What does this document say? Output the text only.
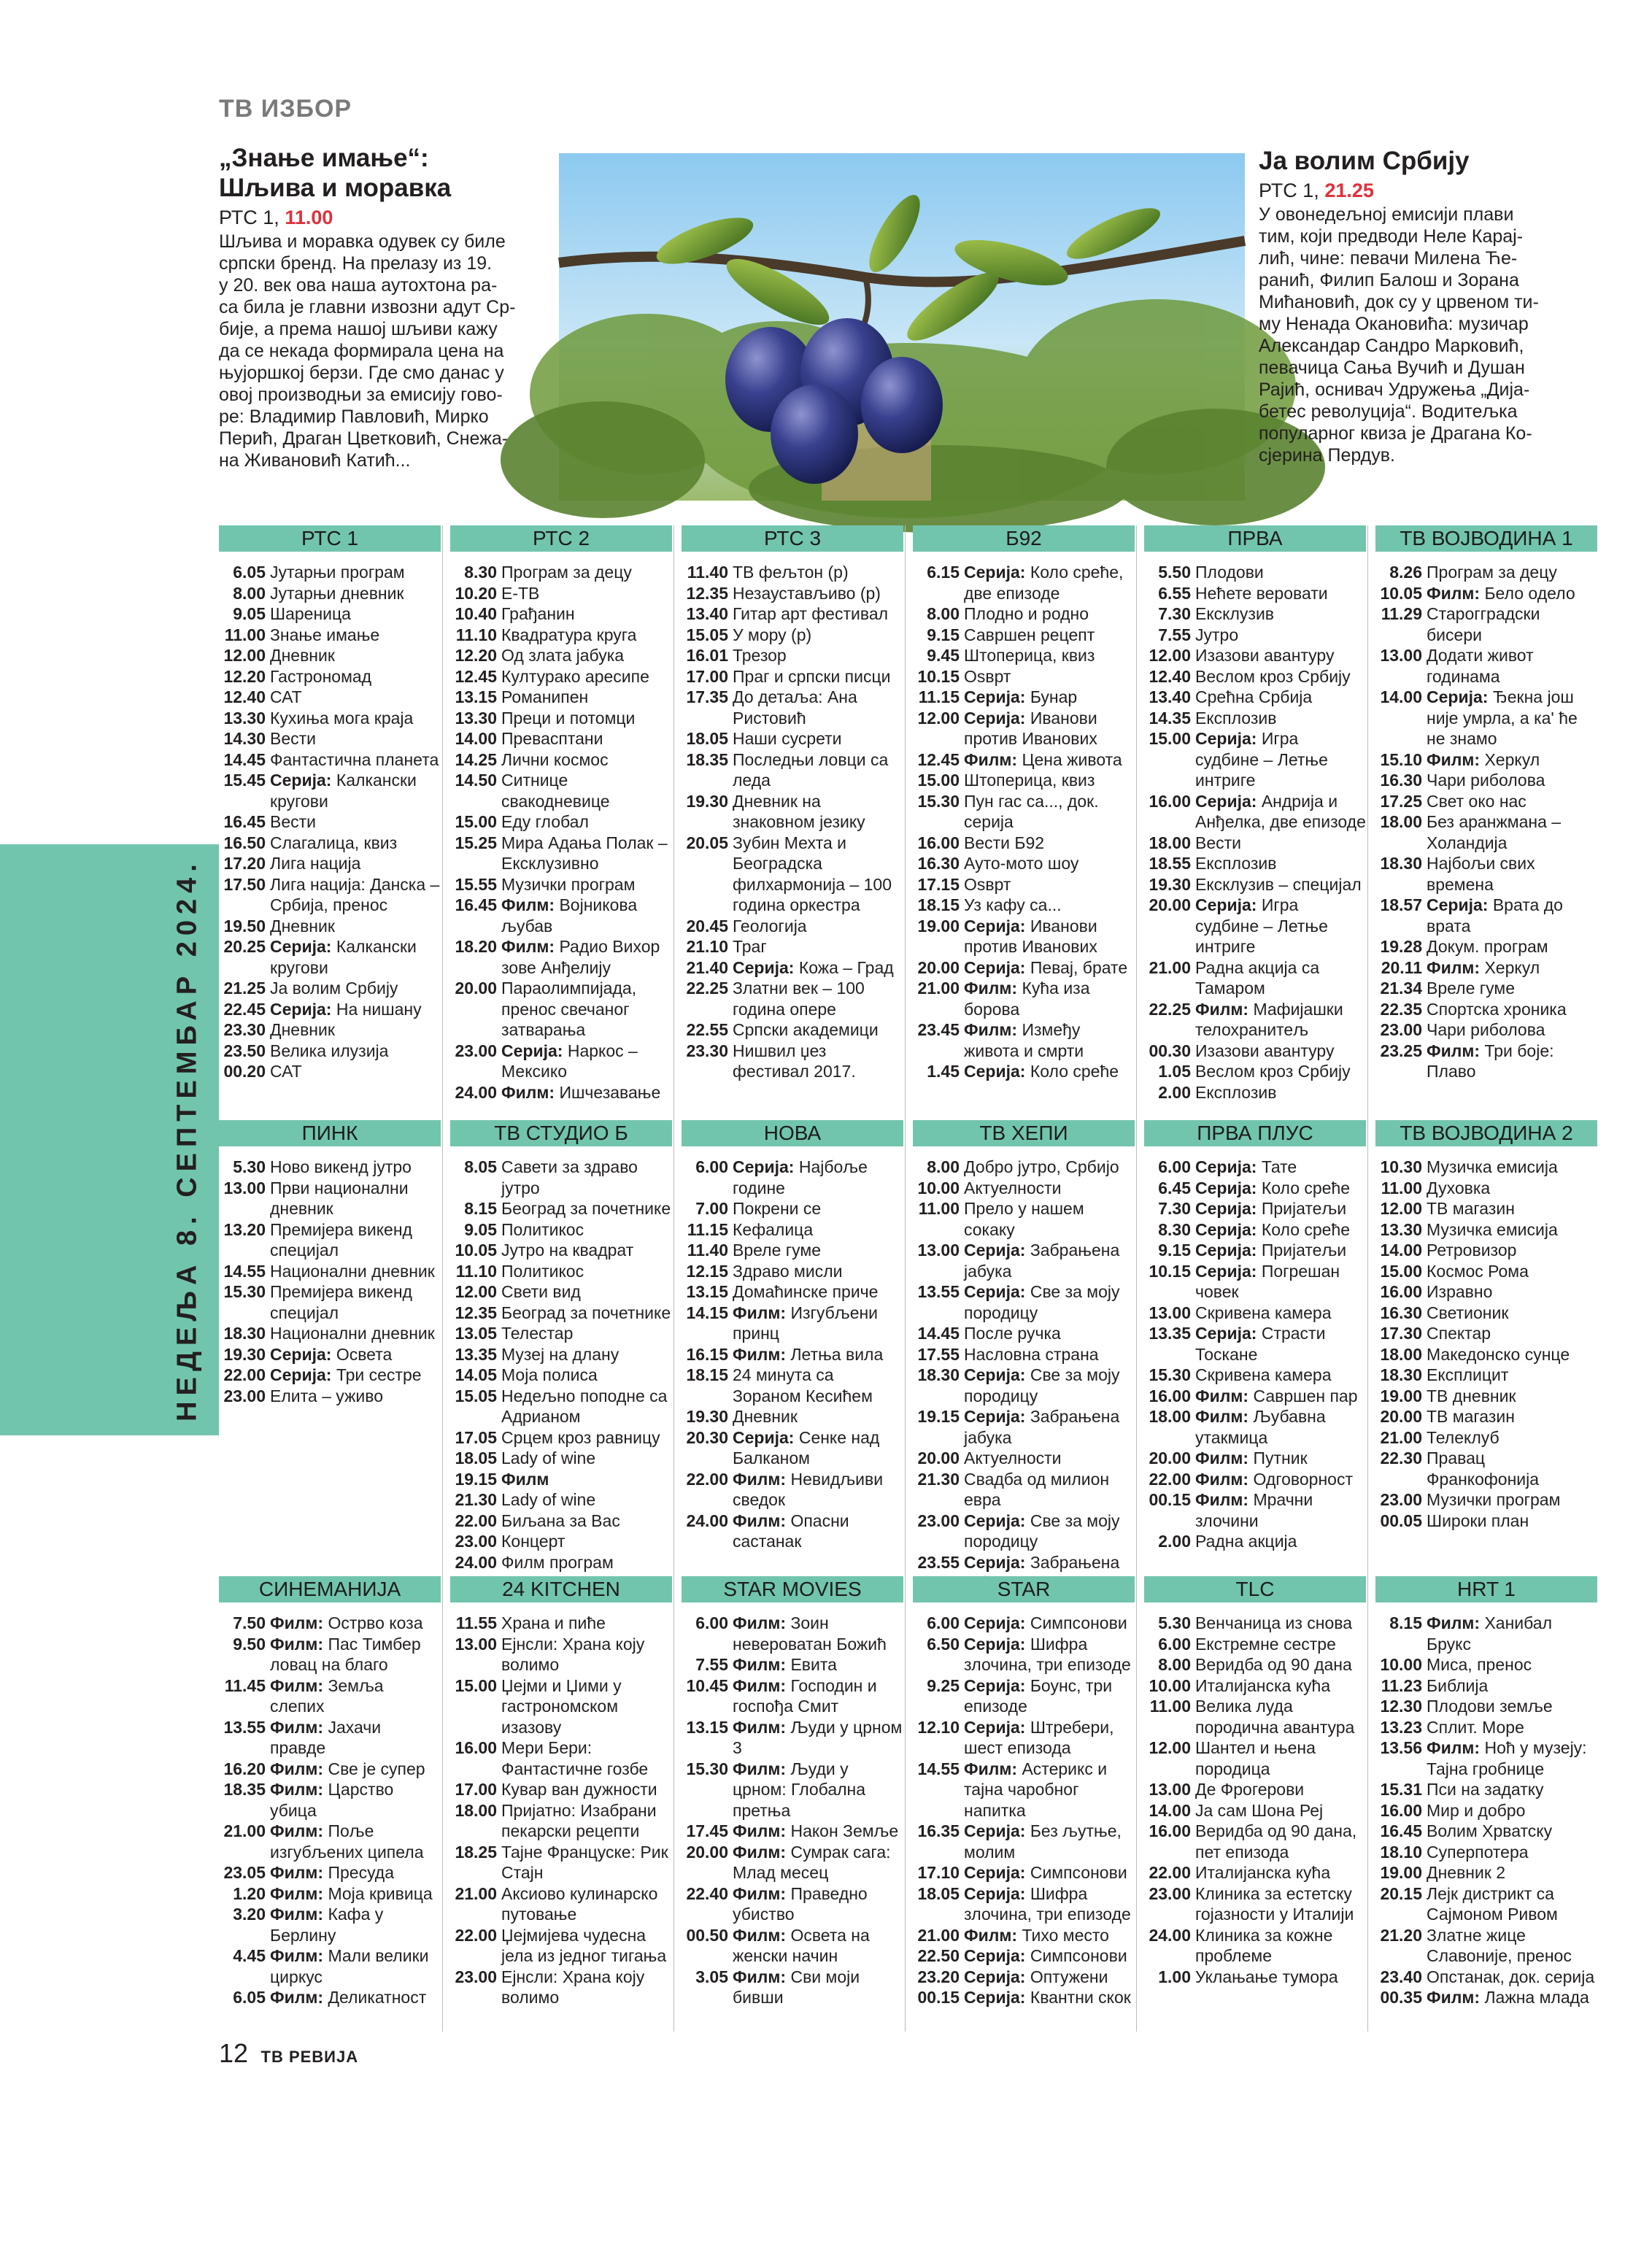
ТВ ИЗБОР
„Знање имање“:
Шљива и моравка
РТС 1, 11.00

Шљива и моравка одувек су биле
српски бренд. На прелазу из 19.
у 20. век ова наша аутохтона ра-
са била је главни извозни адут Ср-
бије, а према нашој шљиви кажу
да се некада формирала цена на
њујоршкој берзи. Где смо данас у
овој производњи за емисију гово-
ре: Владимир Павловић, Мирко
Перић, Драган Цветковић, Снежа-
на Живановић Катић...

Ја волим Србију
РТС 1, 21.25

У овонедељној емисији плави
тим, који предводи Неле Карај-
лић, чине: певачи Милена Ће-
ранић, Филип Балош и Зорана
Мићановић, док су у црвеном ти-
му Ненада Окановића: музичар
Александар Сандро Марковић,
певачица Сања Вучић и Душан
Рајић, оснивач Удружења „Дија-
бетес револуција“. Водитељка
популарног квиза је Драгана Ко-
сјерина Пердув.

НЕДЕЉА 8. СЕПТЕМБАР 2024.
РТС 1
6.05 Јутарњи програм
8.00 Јутарњи дневник
9.05 Шареница
11.00 Знање имање
12.00 Дневник
12.20 Гастрономад
12.40 САТ
13.30 Кухиња мога краја
14.30 Вести
14.45 Фантастична планета
15.45 Серија: Калкански кругови
16.45 Вести
16.50 Слагалица, квиз
17.20 Лига нација
17.50 Лига нација: Данска – Србија, пренос
19.50 Дневник
20.25 Серија: Калкански кругови
21.25 Ја волим Србију
22.45 Серија: На нишану
23.30 Дневник
23.50 Велика илузија
00.20 САТ
РТС 2
8.30 Програм за децу
10.20 Е-ТВ
10.40 Грађанин
11.10 Квадратура круга
12.20 Од злата јабука
12.45 Културако аресипе
13.15 Романипен
13.30 Преци и потомци
14.00 Превасптани
14.25 Лични космос
14.50 Ситнице свакодневице
15.00 Еду глобал
15.25 Мира Адања Полак – Ексклузивно
15.55 Музички програм
16.45 Филм: Војникова љубав
18.20 Филм: Радио Вихор зове Анђелију
20.00 Параолимпијада, пренос свечаног затварања
23.00 Серија: Наркос – Мексико
24.00 Филм: Ишчезавање
РТС 3
11.40 ТВ фељтон (р)
12.35 Незаустављиво (р)
13.40 Гитар арт фестивал
15.05 У мору (р)
16.01 Трезор
17.00 Праг и српски писци
17.35 До детаља: Ана Ристовић
18.05 Наши сусрети
18.35 Последњи ловци са леда
19.30 Дневник на знаковном језику
20.05 Зубин Мехта и Београдска филхармонија – 100 година оркестра
20.45 Геологија
21.10 Траг
21.40 Серија: Кожа – Град
22.25 Златни век – 100 година опере
22.55 Српски академици
23.30 Нишвил џез фестивал 2017.
Б92
6.15 Серија: Коло среће, две епизоде
8.00 Плодно и родно
9.15 Савршен рецепт
9.45 Штоперица, квиз
10.15 Оsврт
11.15 Серија: Бунар
12.00 Серија: Иванови против Иванових
12.45 Филм: Цена живота
15.00 Штоперица, квиз
15.30 Пун гас са..., док. серија
16.00 Вести Б92
16.30 Ауто-мото шоу
17.15 Оsврт
18.15 Уз кафу са...
19.00 Серија: Иванови против Иванових
20.00 Серија: Певај, брате
21.00 Филм: Кућа иза борова
23.45 Филм: Између живота и смрти
1.45 Серија: Коло среће
ПРВА
5.50 Плодови
6.55 Нећете веровати
7.30 Ексклузив
7.55 Јутро
12.00 Изазови авантуру
12.40 Веслом кроз Србију
13.40 Срећна Србија
14.35 Експлозив
15.00 Серија: Игра судбине – Летње интриге
16.00 Серија: Андрија и Анђелка, две епизоде
18.00 Вести
18.55 Експлозив
19.30 Ексклузив – специјал
20.00 Серија: Игра судбине – Летње интриге
21.00 Радна акција са Тамаром
22.25 Филм: Мафијашки телохранитељ
00.30 Изазови авантуру
1.05 Веслом кроз Србију
2.00 Експлозив
ТВ ВОЈВОДИНА 1
8.26 Програм за децу
10.05 Филм: Бело одело
11.29 Старогградски бисери
13.00 Додати живот годинама
14.00 Серија: Ђекна још није умрла, а ка' ће не знамо
15.10 Филм: Херкул
16.30 Чари риболова
17.25 Свет око нас
18.00 Без аранжмана – Холандија
18.30 Најбољи свих времена
18.57 Серија: Врата до врата
19.28 Докум. програм
20.11 Филм: Херкул
21.34 Врелe гуме
22.35 Спортска хроника
23.00 Чари риболова
23.25 Филм: Три боје: Плаво
ПИНК
5.30 Ново викенд јутро
13.00 Први национални дневник
13.20 Премијера викенд специјал
14.55 Национални дневник
15.30 Премијера викенд специјал
18.30 Национални дневник
19.30 Серија: Освета
22.00 Серија: Три сестре
23.00 Елита – уживо
ТВ СТУДИО Б
8.05 Савети за здраво јутро
8.15 Београд за почетнике
9.05 Политикос
10.05 Јутро на квадрат
11.10 Политикос
12.00 Свети вид
12.35 Београд за почетнике
13.05 Телестар
13.35 Музеј на длану
14.05 Моја полиса
15.05 Недељно поподне са Адрианом
17.05 Срцем кроз равницу
18.05 Lady of wine
19.15 Филм
21.30 Lady of wine
22.00 Биљана за Вас
23.00 Концерт
24.00 Филм програм
НОВА
6.00 Серија: Најбоље године
7.00 Покрени се
11.15 Кефалица
11.40 Врелe гуме
12.15 Здраво мисли
13.15 Домаћинске приче
14.15 Филм: Изгубљени принц
16.15 Филм: Летња вила
18.15 24 минута са Зораном Кесићем
19.30 Дневник
20.30 Серија: Сенке над Балканом
22.00 Филм: Невидљиви сведок
24.00 Филм: Опасни састанак
ТВ ХЕПИ
8.00 Добро јутро, Србијо
10.00 Актуелности
11.00 Прело у нашем сокаку
13.00 Серија: Забрањена јабука
13.55 Серија: Све за моју породицу
14.45 После ручка
17.55 Насловна страна
18.30 Серија: Све за моју породицу
19.15 Серија: Забрањена јабука
20.00 Актуелности
21.30 Свадба од милион евра
23.00 Серија: Све за моју породицу
23.55 Серија: Забрањена
ПРВА ПЛУС
6.00 Серија: Тате
6.45 Серија: Коло среће
7.30 Серија: Пријатељи
8.30 Серија: Коло среће
9.15 Серија: Пријатељи
10.15 Серија: Погрешан човек
13.00 Скривена камера
13.35 Серија: Страсти Тоскане
15.30 Скривена камера
16.00 Филм: Савршен пар
18.00 Филм: Љубавна утакмица
20.00 Филм: Путник
22.00 Филм: Одговорност
00.15 Филм: Мрачни злочини
2.00 Радна акција
ТВ ВОЈВОДИНА 2
10.30 Музичка емисија
11.00 Духовка
12.00 ТВ магазин
13.30 Музичка емисија
14.00 Ретровизор
15.00 Космос Рома
16.00 Изравно
16.30 Светионик
17.30 Спектар
18.00 Македонско сунце
18.30 Експлицит
19.00 ТВ дневник
20.00 ТВ магазин
21.00 Телеклуб
22.30 Правац Франкофонија
23.00 Музички програм
00.05 Широки план
СИНЕМАНИЈА
7.50 Филм: Острво коза
9.50 Филм: Пас Тимбер ловац на благо
11.45 Филм: Земља слепих
13.55 Филм: Јахачи правде
16.20 Филм: Све је супер
18.35 Филм: Царство убица
21.00 Филм: Поље изгубљених ципела
23.05 Филм: Пресуда
1.20 Филм: Моја кривица
3.20 Филм: Кафа у Берлину
4.45 Филм: Мали велики циркус
6.05 Филм: Деликатност
24 KITCHEN
11.55 Храна и пиће
13.00 Ејнсли: Храна коју волимо
15.00 Џејми и Џими у гастрономском изазову
16.00 Мери Бери: Фантастичне гозбе
17.00 Кувар ван дужности
18.00 Пријатно: Изабрани пекарски рецепти
18.25 Тајне Француске: Рик Стајн
21.00 Аксиово кулинарско путовање
22.00 Џејмијева чудесна јела из једног тигања
23.00 Ејнсли: Храна коју волимо
STAR MOVIES
6.00 Филм: Зоин невероватан Божић
7.55 Филм: Евита
10.45 Филм: Господин и госпођа Смит
13.15 Филм: Људи у црном 3
15.30 Филм: Људи у црном: Глобална претња
17.45 Филм: Након Земље
20.00 Филм: Сумрак сага: Млад месец
22.40 Филм: Праведно убиство
00.50 Филм: Освета на женски начин
3.05 Филм: Сви моји бивши
STAR
6.00 Серија: Симпсонови
6.50 Серија: Шифра злочина, три епизоде
9.25 Серија: Боунс, три епизоде
12.10 Серија: Штребери, шест епизода
14.55 Филм: Астерикс и тајна чаробног напитка
16.35 Серија: Без љутње, молим
17.10 Серија: Симпсонови
18.05 Серија: Шифра злочина, три епизоде
21.00 Филм: Тихо место
22.50 Серија: Симпсонови
23.20 Серија: Оптужени
00.15 Серија: Квантни скок
TLC
5.30 Венчаница из снова
6.00 Екстремне сестре
8.00 Веридба од 90 дана
10.00 Италијанска кућа
11.00 Велика луда породична авантура
12.00 Шантел и њена породица
13.00 Де Фрогерови
14.00 Ја сам Шона Реј
16.00 Веридба од 90 дана, пет епизода
22.00 Италијанска кућа
23.00 Клиника за естетску гојазности у Италији
24.00 Клиника за кожне проблеме
1.00 Уклањање тумора
HRT 1
8.15 Филм: Ханибал Брукс
10.00 Миса, пренос
11.23 Библија
12.30 Плодови земље
13.23 Сплит. Море
13.56 Филм: Ноћ у музеју: Тајна гробнице
15.31 Пси на задатку
16.00 Мир и добро
16.45 Волим Хрватску
18.10 Суперпотера
19.00 Дневник 2
20.15 Лејк дистрикт са Сајмоном Ривом
21.20 Златне жице Славоније, пренос
23.40 Опстанак, док. серија
00.35 Филм: Лажна млада
12 ТВ РЕВИЈА
